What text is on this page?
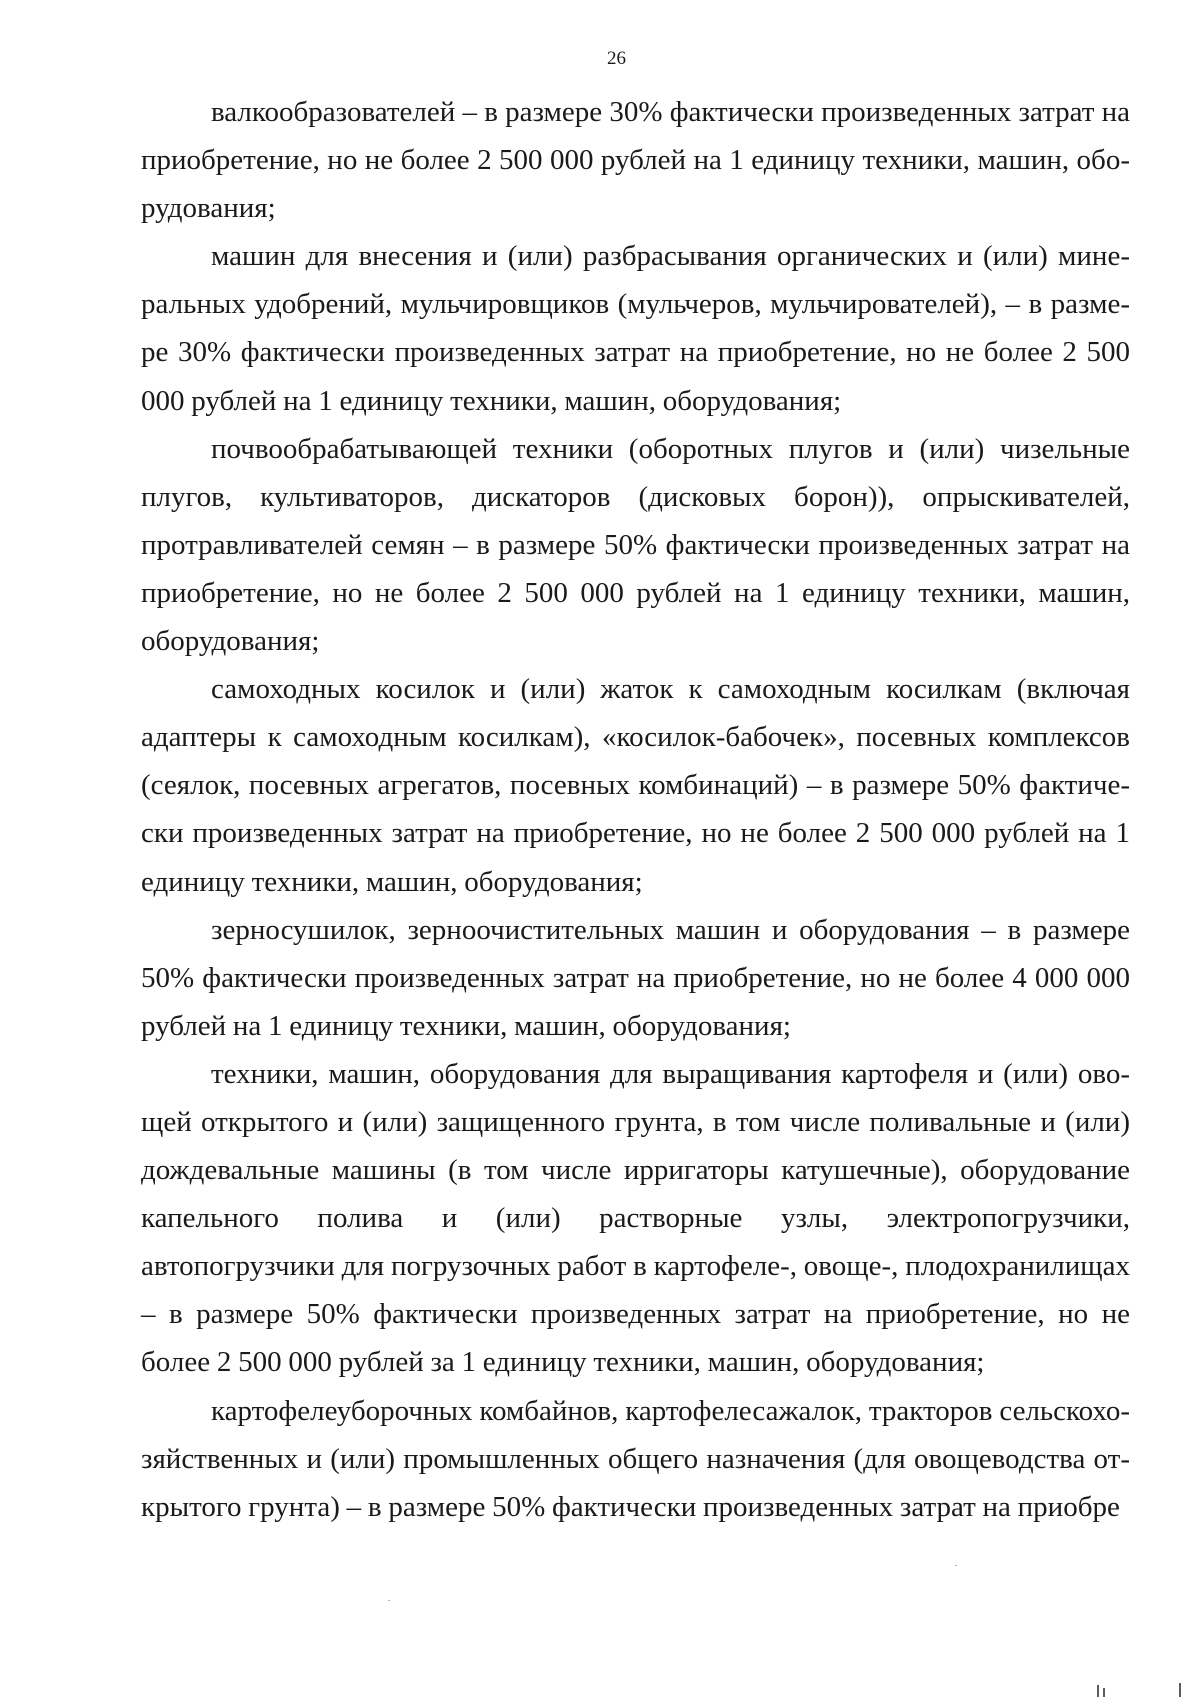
26

валкообразователей – в размере 30% фактически произведенных затрат на приобретение, но не более 2 500 000 рублей на 1 единицу техники, машин, оборудования;

машин для внесения и (или) разбрасывания органических и (или) минеральных удобрений, мульчировщиков (мульчеров, мульчирователей), – в размере 30% фактически произведенных затрат на приобретение, но не более 2 500 000 рублей на 1 единицу техники, машин, оборудования;

почвообрабатывающей техники (оборотных плугов и (или) чизельные плугов, культиваторов, дискаторов (дисковых борон)), опрыскивателей, протравливателей семян – в размере 50% фактически произведенных затрат на приобретение, но не более 2 500 000 рублей на 1 единицу техники, машин, оборудования;

самоходных косилок и (или) жаток к самоходным косилкам (включая адаптеры к самоходным косилкам), «косилок-бабочек», посевных комплексов (сеялок, посевных агрегатов, посевных комбинаций) – в размере 50% фактически произведенных затрат на приобретение, но не более 2 500 000 рублей на 1 единицу техники, машин, оборудования;

зерносушилок, зерноочистительных машин и оборудования – в размере 50% фактически произведенных затрат на приобретение, но не более 4 000 000 рублей на 1 единицу техники, машин, оборудования;

техники, машин, оборудования для выращивания картофеля и (или) овощей открытого и (или) защищенного грунта, в том числе поливальные и (или) дождевальные машины (в том числе ирригаторы катушечные), оборудование капельного полива и (или) растворные узлы, электропогрузчики, автопогрузчики для погрузочных работ в картофеле-, овоще-, плодохранилищах – в размере 50% фактически произведенных затрат на приобретение, но не более 2 500 000 рублей за 1 единицу техники, машин, оборудования;

картофелеуборочных комбайнов, картофелесажалок, тракторов сельскохозяйственных и (или) промышленных общего назначения (для овощеводства открытого грунта) – в размере 50% фактически произведенных затрат на приобре
